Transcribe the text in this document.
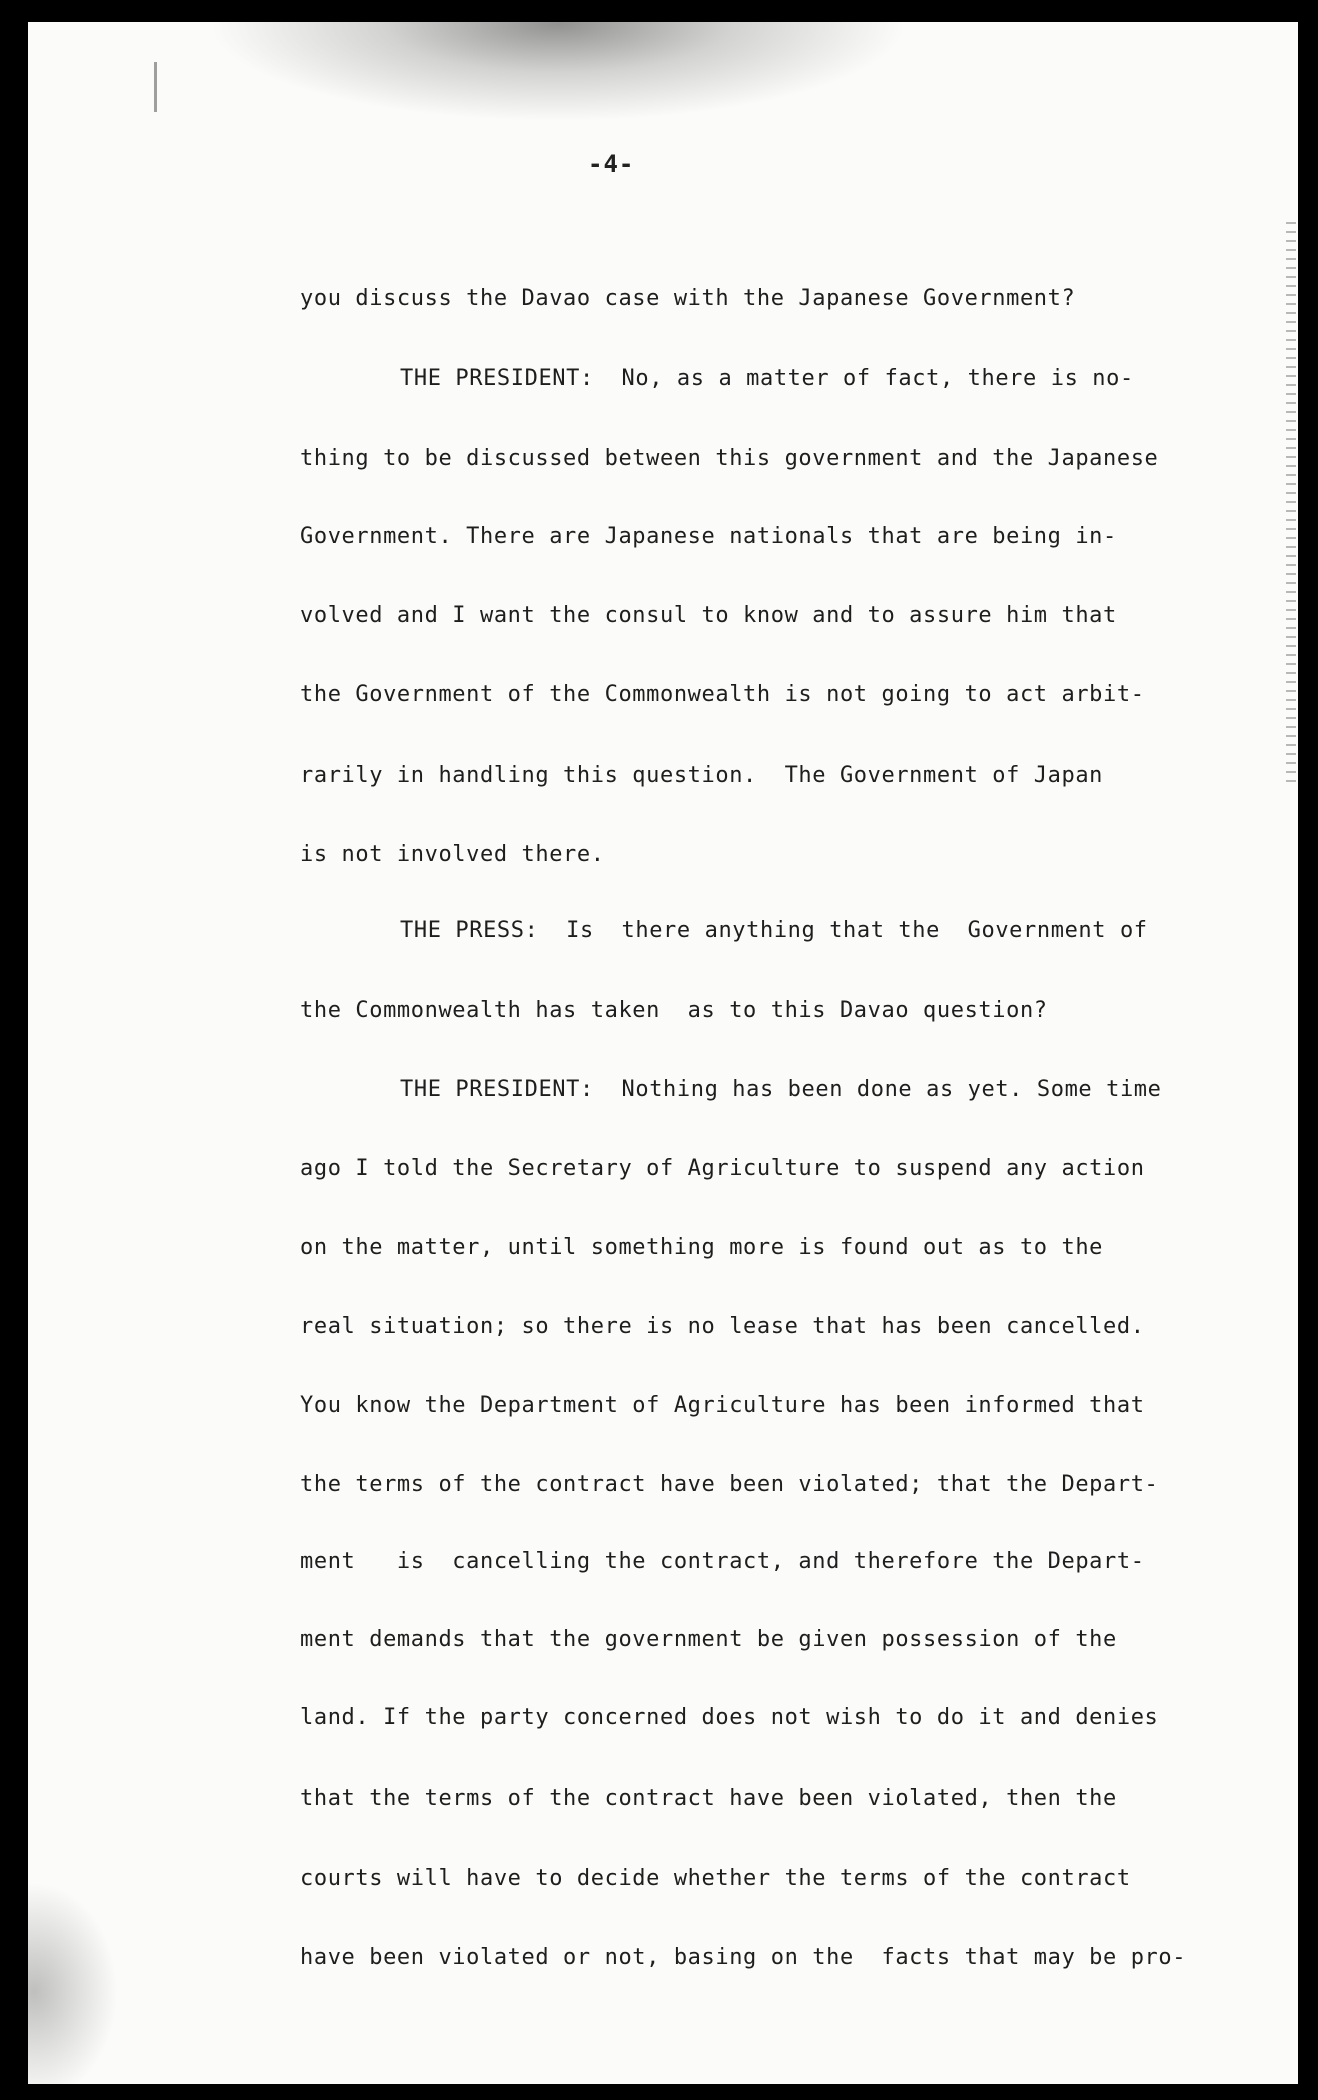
-4-

you discuss the Davao case with the Japanese Government?

THE PRESIDENT:  No, as a matter of fact, there is no-

thing to be discussed between this government and the Japanese

Government. There are Japanese nationals that are being in-

volved and I want the consul to know and to assure him that

the Government of the Commonwealth is not going to act arbit-

rarily in handling this question.  The Government of Japan

is not involved there.

THE PRESS:  Is  there anything that the  Government of

the Commonwealth has taken  as to this Davao question?

THE PRESIDENT:  Nothing has been done as yet. Some time

ago I told the Secretary of Agriculture to suspend any action

on the matter, until something more is found out as to the

real situation; so there is no lease that has been cancelled.

You know the Department of Agriculture has been informed that

the terms of the contract have been violated; that the Depart-

ment   is  cancelling the contract, and therefore the Depart-

ment demands that the government be given possession of the

land. If the party concerned does not wish to do it and denies

that the terms of the contract have been violated, then the

courts will have to decide whether the terms of the contract

have been violated or not, basing on the  facts that may be pro-
